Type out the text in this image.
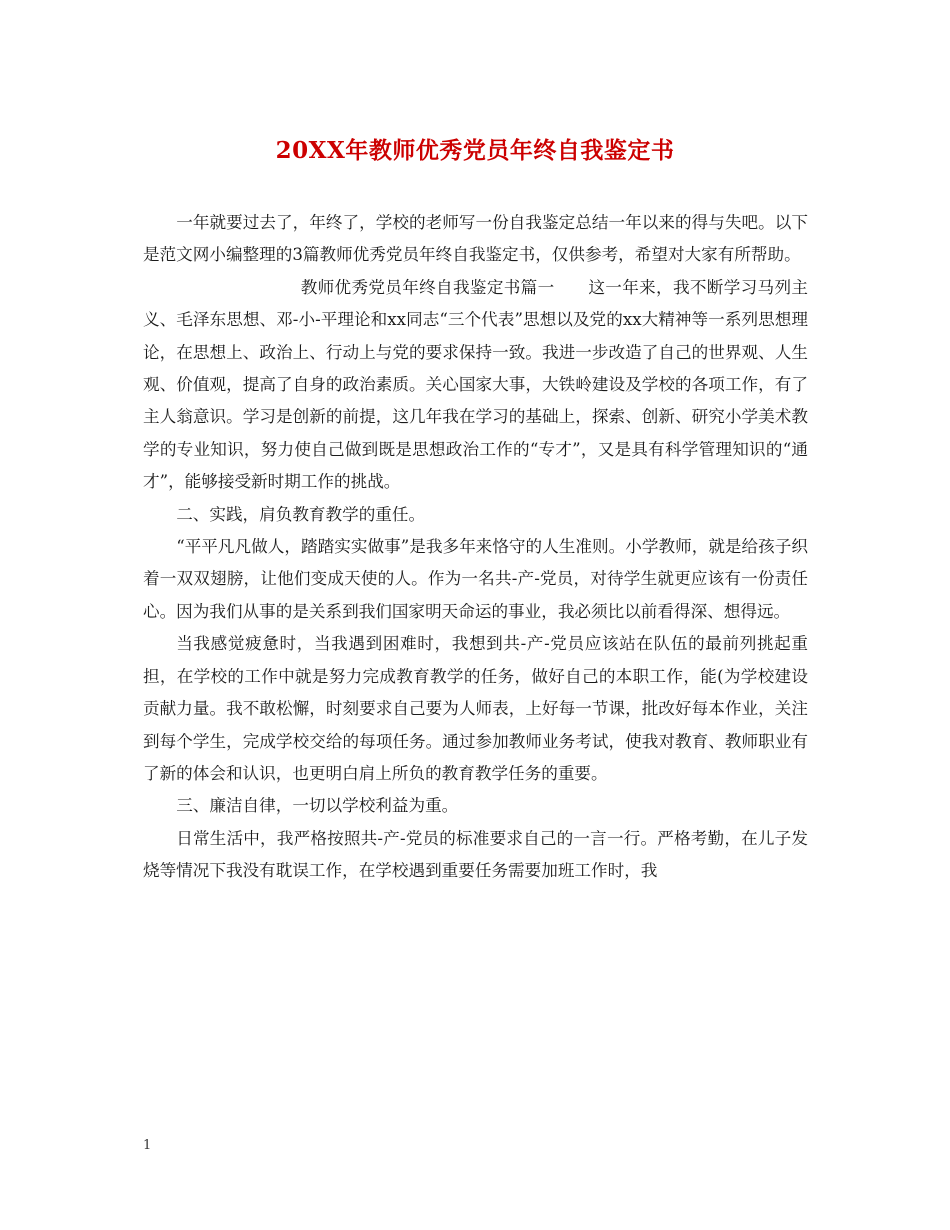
20XX年教师优秀党员年终自我鉴定书

一年就要过去了，年终了，学校的老师写一份自我鉴定总结一年以来的得与失吧。以下是范文网小编整理的3篇教师优秀党员年终自我鉴定书，仅供参考，希望对大家有所帮助。

教师优秀党员年终自我鉴定书篇一　　这一年来，我不断学习马列主义、毛泽东思想、邓-小-平理论和xx同志“三个代表”思想以及党的xx大精神等一系列思想理论，在思想上、政治上、行动上与党的要求保持一致。我进一步改造了自己的世界观、人生观、价值观，提高了自身的政治素质。关心国家大事，大铁岭建设及学校的各项工作，有了主人翁意识。学习是创新的前提，这几年我在学习的基础上，探索、创新、研究小学美术教学的专业知识，努力使自己做到既是思想政治工作的“专才”，又是具有科学管理知识的“通才”，能够接受新时期工作的挑战。

二、实践，肩负教育教学的重任。

“平平凡凡做人，踏踏实实做事”是我多年来恪守的人生准则。小学教师，就是给孩子织着一双双翅膀，让他们变成天使的人。作为一名共-产-党员，对待学生就更应该有一份责任心。因为我们从事的是关系到我们国家明天命运的事业，我必须比以前看得深、想得远。

当我感觉疲惫时，当我遇到困难时，我想到共-产-党员应该站在队伍的最前列挑起重担，在学校的工作中就是努力完成教育教学的任务，做好自己的本职工作，能(为学校建设贡献力量。我不敢松懈，时刻要求自己要为人师表，上好每一节课，批改好每本作业，关注到每个学生，完成学校交给的每项任务。通过参加教师业务考试，使我对教育、教师职业有了新的体会和认识，也更明白肩上所负的教育教学任务的重要。

三、廉洁自律，一切以学校利益为重。

日常生活中，我严格按照共-产-党员的标准要求自己的一言一行。严格考勤，在儿子发烧等情况下我没有耽误工作，在学校遇到重要任务需要加班工作时，我

1
